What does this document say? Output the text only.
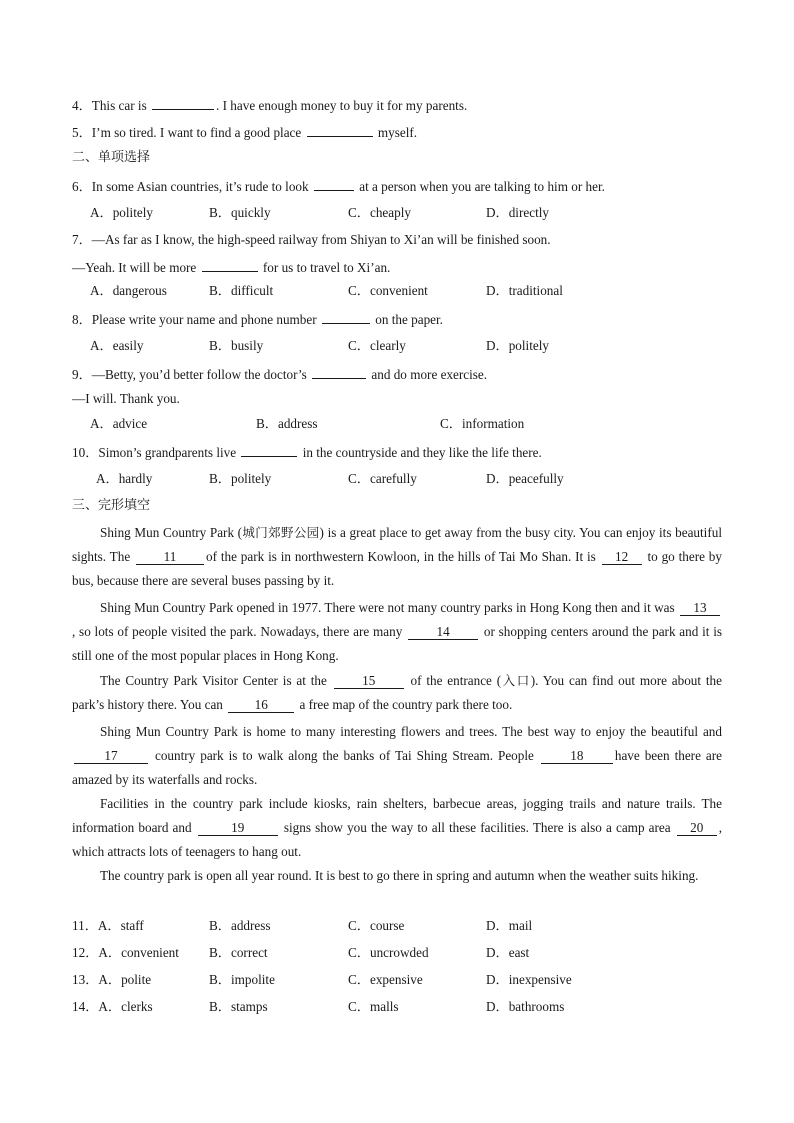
4．This car is	. I have enough money to buy it for my parents.
5．I’m so tired. I want to find a good place	myself.
二、单项选择
6．In some Asian countries, it’s rude to look	at a person when you are talking to him or her.
A．politely	B．quickly	C．cheaply	D．directly
7．—As far as I know, the high-speed railway from Shiyan to Xi’an will be finished soon.
—Yeah. It will be more	for us to travel to Xi’an.
A．dangerous	B．difficult	C．convenient	D．traditional
8．Please write your name and phone number	on the paper.
A．easily	B．busily	C．clearly	D．politely
9．—Betty, you’d better follow the doctor’s	and do more exercise.
—I will. Thank you.
A．advice	B．address	C．information
10．Simon’s grandparents live	in the countryside and they like the life there.
A．hardly	B．politely	C．carefully	D．peacefully
三、完形填空
Shing Mun Country Park (城门郊野公园) is a great place to get away from the busy city. You can enjoy its beautiful sights. The	11 of the park is in northwestern Kowloon, in the hills of Tai Mo Shan. It is 12 to go there by bus, because there are several buses passing by it.
Shing Mun Country Park opened in 1977. There were not many country parks in Hong Kong then and it was 13, so lots of people visited the park. Nowadays, there are many	14	or shopping centers around the park and it is still one of the most popular places in Hong Kong.
The Country Park Visitor Center is at the	15	of the entrance (入口). You can find out more about the park’s history there. You can 16 a free map of the country park there too.
Shing Mun Country Park is home to many interesting flowers and trees. The best way to enjoy the beautiful and 17	country park is to walk along the banks of Tai Shing Stream. People	18 have been there are amazed by its waterfalls and rocks.
Facilities in the country park include kiosks, rain shelters, barbecue areas, jogging trails and nature trails. The information board and	19	signs show you the way to all these facilities. There is also a camp area 20 , which attracts lots of teenagers to hang out.
The country park is open all year round. It is best to go there in spring and autumn when the weather suits hiking.
11．A．staff	B．address	C．course	D．mail
12．A．convenient B．correct	C．uncrowded	D．east
13．A．polite	B．impolite	C．expensive	D．inexpensive
14．A．clerks	B．stamps	C．malls	D．bathrooms
